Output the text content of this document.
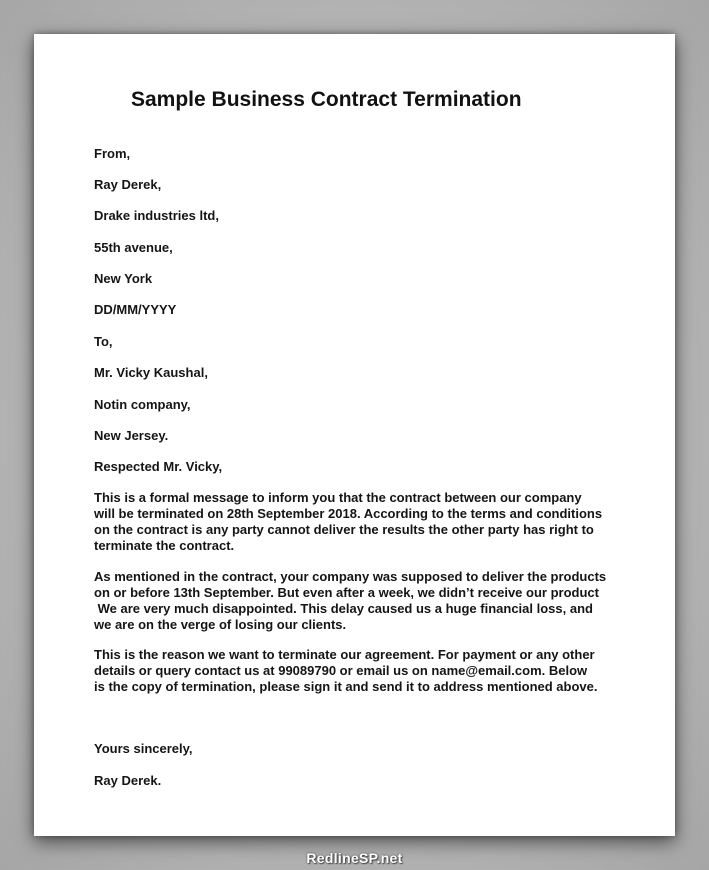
Sample Business Contract Termination

From,

Ray Derek,

Drake industries ltd,

55th avenue,

New York

DD/MM/YYYY

To,

Mr. Vicky Kaushal,

Notin company,

New Jersey.

Respected Mr. Vicky,

This is a formal message to inform you that the contract between our company
will be terminated on 28th September 2018. According to the terms and conditions
on the contract is any party cannot deliver the results the other party has right to
terminate the contract.
As mentioned in the contract, your company was supposed to deliver the products
on or before 13th September. But even after a week, we didn’t receive our product
We are very much disappointed. This delay caused us a huge financial loss, and
we are on the verge of losing our clients.
This is the reason we want to terminate our agreement. For payment or any other
details or query contact us at 99089790 or email us on name@email.com. Below
is the copy of termination, please sign it and send it to address mentioned above.

Yours sincerely,

Ray Derek.

RedlineSP.net
